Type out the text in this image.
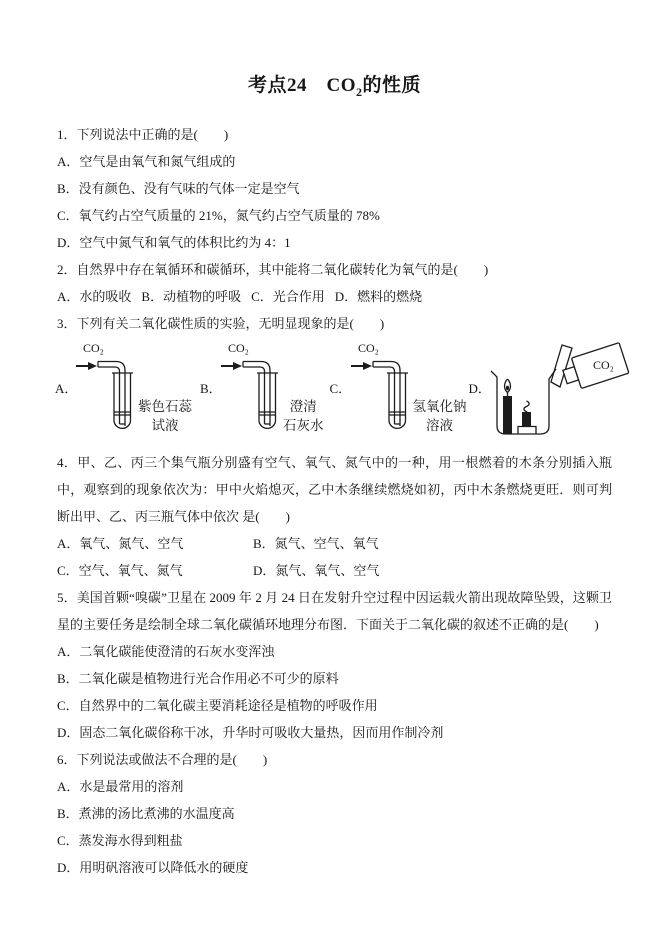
考点24　$CO_2$的性质

1．下列说法中正确的是(　　)

A．空气是由氧气和氮气组成的

B．没有颜色、没有气味的气体一定是空气

C．氧气约占空气质量的 21%，氮气约占空气质量的 78%

D．空气中氮气和氧气的体积比约为 4：1

2．自然界中存在氧循环和碳循环，其中能将二氧化碳转化为氧气的是(　　)

A．水的吸收 B．动植物的呼吸 C．光合作用 D．燃料的燃烧

3．下列有关二氧化碳性质的实验，无明显现象的是(　　)

A．
CO₂
紫色石蕊
试液
B．
CO₂
澄清
石灰水
C．
CO₂
氢氧化钠
溶液
D．
CO₂

4．甲、乙、丙三个集气瓶分别盛有空气、氧气、氮气中的一种，用一根燃着的木条分别插入瓶中，观察到的现象依次为：甲中火焰熄灭，乙中木条继续燃烧如初，丙中木条燃烧更旺．则可判断出甲、乙、丙三瓶气体中依次 是(　　)

A．氧气、氮气、空气	B．氮气、空气、氧气

C．空气、氧气、氮气	D．氮气、氧气、空气

5．美国首颗“嗅碳”卫星在 2009 年 2 月 24 日在发射升空过程中因运载火箭出现故障坠毁，这颗卫星的主要任务是绘制全球二氧化碳循环地理分布图．下面关于二氧化碳的叙述不正确的是(　　)

A．二氧化碳能使澄清的石灰水变浑浊

B．二氧化碳是植物进行光合作用必不可少的原料

C．自然界中的二氧化碳主要消耗途径是植物的呼吸作用

D．固态二氧化碳俗称干冰，升华时可吸收大量热，因而用作制冷剂

6．下列说法或做法不合理的是(　　)

A．水是最常用的溶剂

B．煮沸的汤比煮沸的水温度高

C．蒸发海水得到粗盐

D．用明矾溶液可以降低水的硬度
